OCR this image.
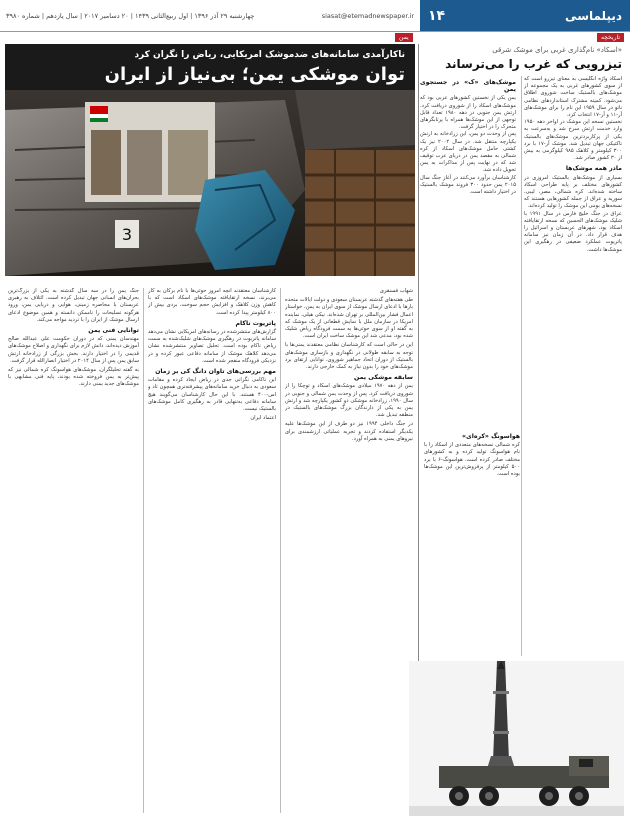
چهارشنبه ۲۹ آذر ۱۳۹۶ | اول ربیع‌الثانی ۱۴۳۹ | ۲۰ دسامبر ۲۰۱۷ | سال یازدهم | شماره ۳۹۸۰	siasat@etemadnewspaper.ir	دیپلماسی
۱۴
یمن	تاریخچه
ناکارآمدی سامانه‌های ضدموشک امریکایی، ریاض را نگران کرد
توان موشکی یمن؛ بی‌نیاز از ایران
3

شهاب فسنقری

طی هفته‌های گذشته عربستان سعودی و دولت ایالات متحده بارها با ادعای ارسال موشک از سوی ایران به یمن، خواستار اعمال فشار بین‌المللی بر تهران شده‌اند. نیکی هیلی، نماینده امریکا در سازمان ملل با نمایش قطعاتی از یک موشک که به گفته او از سوی حوثی‌ها به سمت فرودگاه ریاض شلیک شده بود، مدعی شد این موشک ساخت ایران است.

این در حالی است که کارشناسان نظامی معتقدند یمنی‌ها با توجه به سابقه طولانی در نگهداری و بازسازی موشک‌های بالستیک از دوران اتحاد جماهیر شوروی، توانایی ارتقای برد موشک‌های خود را بدون نیاز به کمک خارجی دارند.

سابقه موشکی یمن

یمن از دهه ۱۹۷۰ میلادی موشک‌های اسکاد و توچکا را از شوروی دریافت کرد. پس از وحدت یمن شمالی و جنوبی در سال ۱۹۹۰، زرادخانه موشکی دو کشور یکپارچه شد و ارتش یمن به یکی از دارندگان بزرگ موشک‌های بالستیک در منطقه تبدیل شد.

در جنگ داخلی ۱۹۹۴ نیز دو طرف از این موشک‌ها علیه یکدیگر استفاده کردند و تجربه عملیاتی ارزشمندی برای نیروهای یمنی به همراه آورد.

کارشناسان معتقدند آنچه امروز حوثی‌ها با نام برکان به کار می‌برند، نسخه ارتقایافته موشک‌های اسکاد است که با کاهش وزن کلاهک و افزایش حجم سوخت، بردی بیش از ۸۰۰ کیلومتر پیدا کرده است.

پاتریوت ناکام

گزارش‌های منتشرشده در رسانه‌های امریکایی نشان می‌دهد سامانه پاتریوت در رهگیری موشک‌های شلیک‌شده به سمت ریاض ناکام بوده است. تحلیل تصاویر منتشرشده نشان می‌دهد کلاهک موشک از سامانه دفاعی عبور کرده و در نزدیکی فرودگاه منفجر شده است.

مهم بررسی‌های تاوان دانگ کی بر زمان

این ناکامی نگرانی جدی در ریاض ایجاد کرده و مقامات سعودی به دنبال خرید سامانه‌های پیشرفته‌تری همچون تاد و اس-۴۰۰ هستند. با این حال کارشناسان می‌گویند هیچ سامانه دفاعی به‌تنهایی قادر به رهگیری کامل موشک‌های بالستیک نیست.

اعتماد ایران

جنگ یمن را در سه سال گذشته به یکی از بزرگ‌ترین بحران‌های انسانی جهان تبدیل کرده است. ائتلاف به رهبری عربستان با محاصره زمینی، هوایی و دریایی یمن، ورود هرگونه تسلیحات را ناممکن دانسته و همین موضوع ادعای ارسال موشک از ایران را با تردید مواجه می‌کند.

توانایی فنی یمن

مهندسان یمنی که در دوران حکومت علی عبدالله صالح آموزش دیده‌اند، دانش لازم برای نگهداری و اصلاح موشک‌های قدیمی را در اختیار دارند. بخش بزرگی از زرادخانه ارتش سابق یمن پس از سال ۲۰۱۴ در اختیار انصارالله قرار گرفت.

به گفته تحلیلگران، موشک‌های هواسونگ کره شمالی نیز که پیش‌تر به یمن فروخته شده بودند، پایه فنی مشابهی با موشک‌های جدید یمنی دارند.

«اسکاد» نام‌گذاری غربی برای موشک شرقی
تیزرویی که غرب را می‌ترساند

اسکاد واژه انگلیسی به معنای تیزرو است که از سوی کشورهای غربی به یک مجموعه از موشک‌های بالستیک ساخت شوروی اطلاق می‌شود. کمیته مشترک استانداردهای نظامی ناتو در سال ۱۹۵۹ این نام را برای موشک‌های آر-۱۱ و آر-۱۷ انتخاب کرد.

نخستین نسخه این موشک در اواخر دهه ۱۹۵۰ وارد خدمت ارتش سرخ شد و به‌سرعت به یکی از پرکاربردترین موشک‌های بالستیک تاکتیکی جهان تبدیل شد. موشک آر-۱۷ با برد ۳۰۰ کیلومتر و کلاهک ۹۸۵ کیلوگرمی به بیش از ۳۰ کشور صادر شد.

مادر همه موشک‌ها

بسیاری از موشک‌های بالستیک امروزی در کشورهای مختلف بر پایه طراحی اسکاد ساخته شده‌اند. کره شمالی، مصر، لیبی، سوریه و عراق از جمله کشورهایی هستند که نسخه‌های بومی این موشک را تولید کرده‌اند.

عراق در جنگ خلیج فارس در سال ۱۹۹۱ با شلیک موشک‌های الحسین که نسخه ارتقایافته اسکاد بود، شهرهای عربستان و اسرائیل را هدف قرار داد. در آن زمان نیز سامانه پاتریوت عملکرد ضعیفی در رهگیری این موشک‌ها داشت.

موشک‌های «ک» در جستجوی یمن

یمن یکی از نخستین کشورهای عربی بود که موشک‌های اسکاد را از شوروی دریافت کرد. ارتش یمن جنوبی در دهه ۱۹۸۰ تعداد قابل توجهی از این موشک‌ها همراه با پرتابگرهای متحرک را در اختیار گرفت.

پس از وحدت دو یمن، این زرادخانه به ارتش یکپارچه منتقل شد. در سال ۲۰۰۲ نیز یک کشتی حامل موشک‌های اسکاد از کره شمالی به مقصد یمن در دریای عرب توقیف شد که در نهایت پس از مذاکرات به یمن تحویل داده شد.

کارشناسان برآورد می‌کنند در آغاز جنگ سال ۲۰۱۵ یمن حدود ۳۰۰ فروند موشک بالستیک در اختیار داشته است.

هواسونگ «کره‌ای»

کره شمالی نسخه‌های متعددی از اسکاد را با نام هواسونگ تولید کرده و به کشورهای مختلف صادر کرده است. هواسونگ-۶ با برد ۵۰۰ کیلومتر از پرفروش‌ترین این موشک‌ها بوده است.
